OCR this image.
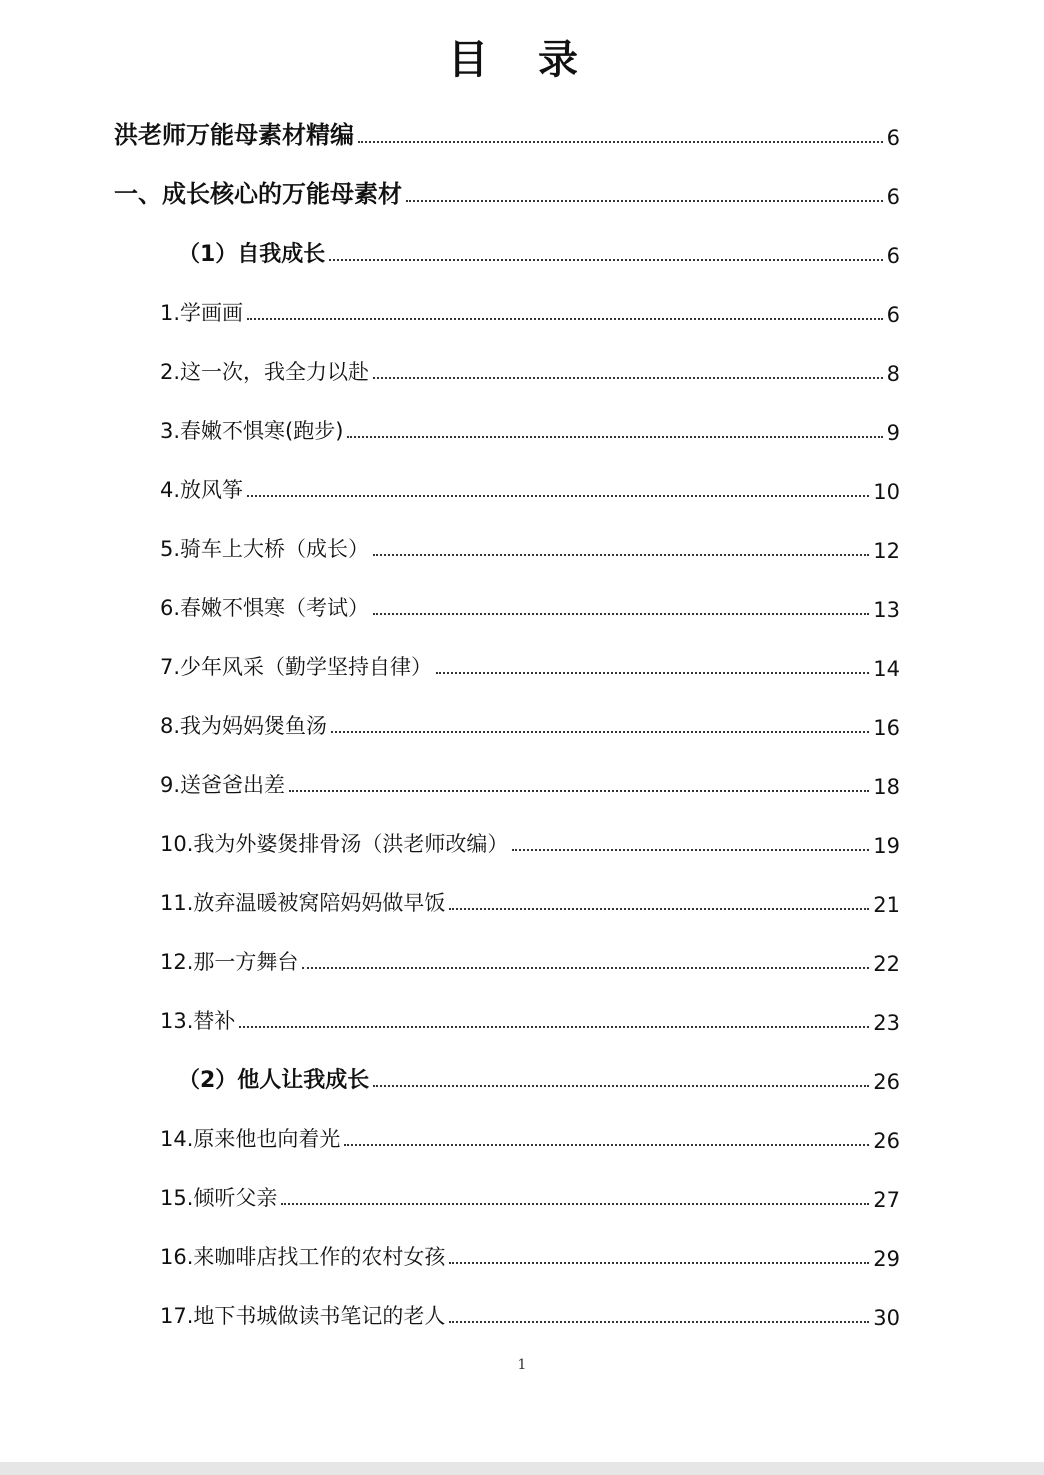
目 录
洪老师万能母素材精编	6
一、成长核心的万能母素材	6
（1）自我成长	6
1.学画画	6
2.这一次，我全力以赴	8
3.春嫩不惧寒(跑步)	9
4.放风筝	10
5.骑车上大桥（成长）	12
6.春嫩不惧寒（考试）	13
7.少年风采（勤学坚持自律）	14
8.我为妈妈煲鱼汤	16
9.送爸爸出差	18
10.我为外婆煲排骨汤（洪老师改编）	19
11.放弃温暖被窝陪妈妈做早饭	21
12.那一方舞台	22
13.替补	23
（2）他人让我成长	26
14.原来他也向着光	26
15.倾听父亲	27
16.来咖啡店找工作的农村女孩	29
17.地下书城做读书笔记的老人	30
1
